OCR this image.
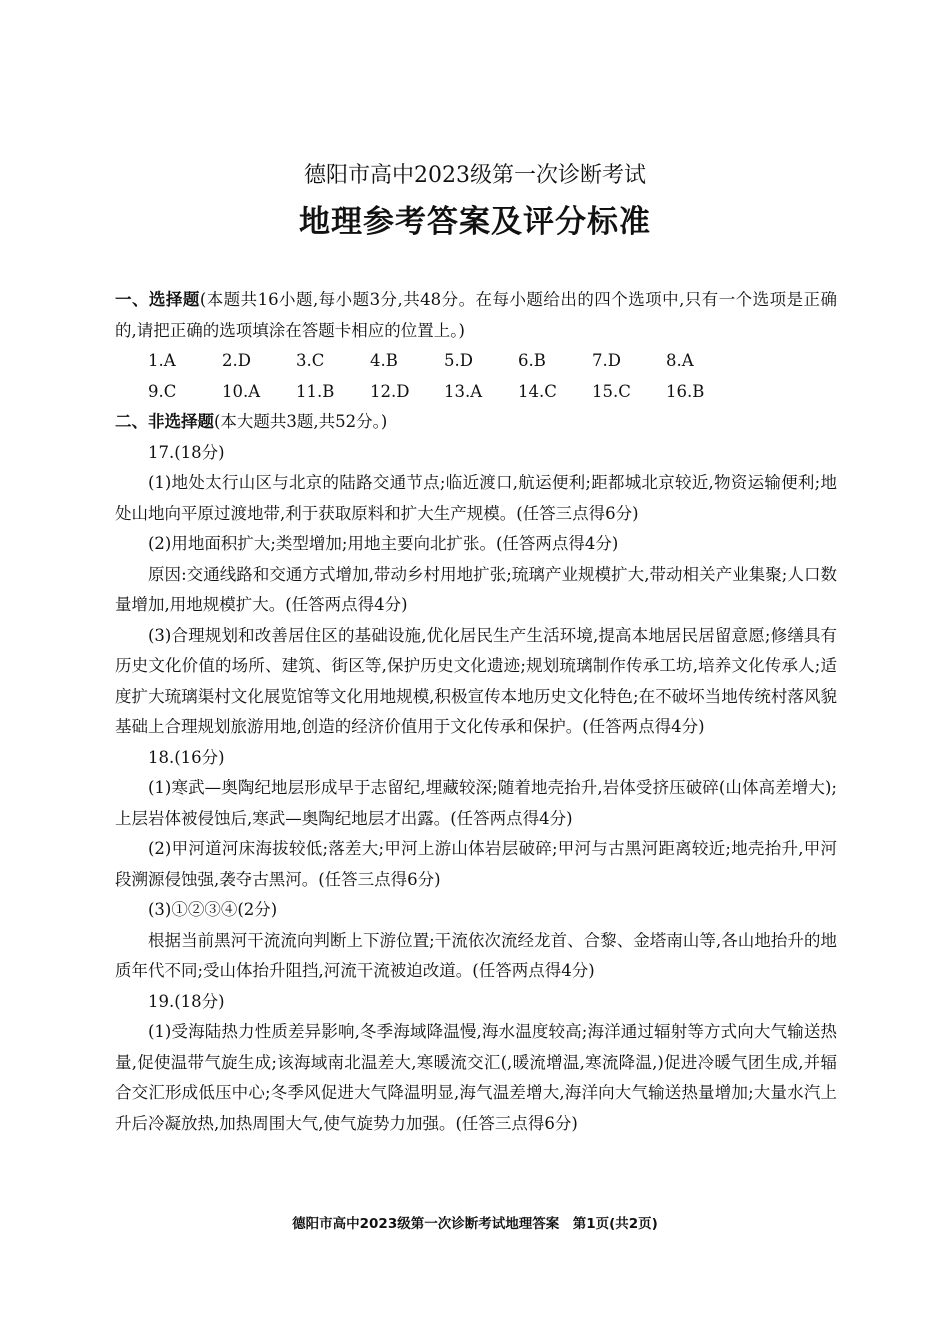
德阳市高中2023级第一次诊断考试
地理参考答案及评分标准

一、选择题(本题共16小题,每小题3分,共48分。在每小题给出的四个选项中,只有一个选项是正确的,请把正确的选项填涂在答题卡相应的位置上。)

1.A	2.D	3.C	4.B	5.D	6.B	7.D	8.A
9.C	10.A	11.B	12.D	13.A	14.C	15.C	16.B

二、非选择题(本大题共3题,共52分。)

17.(18分)

(1)地处太行山区与北京的陆路交通节点;临近渡口,航运便利;距都城北京较近,物资运输便利;地处山地向平原过渡地带,利于获取原料和扩大生产规模。(任答三点得6分)

(2)用地面积扩大;类型增加;用地主要向北扩张。(任答两点得4分)

原因:交通线路和交通方式增加,带动乡村用地扩张;琉璃产业规模扩大,带动相关产业集聚;人口数量增加,用地规模扩大。(任答两点得4分)

(3)合理规划和改善居住区的基础设施,优化居民生产生活环境,提高本地居民居留意愿;修缮具有历史文化价值的场所、建筑、街区等,保护历史文化遗迹;规划琉璃制作传承工坊,培养文化传承人;适度扩大琉璃渠村文化展览馆等文化用地规模,积极宣传本地历史文化特色;在不破坏当地传统村落风貌基础上合理规划旅游用地,创造的经济价值用于文化传承和保护。(任答两点得4分)

18.(16分)

(1)寒武—奥陶纪地层形成早于志留纪,埋藏较深;随着地壳抬升,岩体受挤压破碎(山体高差增大);上层岩体被侵蚀后,寒武—奥陶纪地层才出露。(任答两点得4分)

(2)甲河道河床海拔较低;落差大;甲河上游山体岩层破碎;甲河与古黑河距离较近;地壳抬升,甲河段溯源侵蚀强,袭夺古黑河。(任答三点得6分)

(3)①②③④(2分)

根据当前黑河干流流向判断上下游位置;干流依次流经龙首、合黎、金塔南山等,各山地抬升的地质年代不同;受山体抬升阻挡,河流干流被迫改道。(任答两点得4分)

19.(18分)

(1)受海陆热力性质差异影响,冬季海域降温慢,海水温度较高;海洋通过辐射等方式向大气输送热量,促使温带气旋生成;该海域南北温差大,寒暖流交汇(,暖流增温,寒流降温,)促进冷暖气团生成,并辐合交汇形成低压中心;冬季风促进大气降温明显,海气温差增大,海洋向大气输送热量增加;大量水汽上升后冷凝放热,加热周围大气,使气旋势力加强。(任答三点得6分)

德阳市高中2023级第一次诊断考试地理答案　第1页(共2页)
